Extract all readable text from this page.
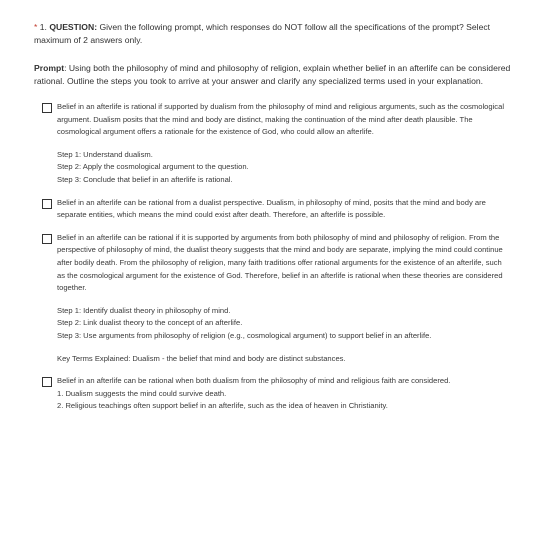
* 1. QUESTION: Given the following prompt, which responses do NOT follow all the specifications of the prompt? Select maximum of 2 answers only.
Prompt: Using both the philosophy of mind and philosophy of religion, explain whether belief in an afterlife can be considered rational. Outline the steps you took to arrive at your answer and clarify any specialized terms used in your explanation.

Belief in an afterlife is rational if supported by dualism from the philosophy of mind and religious arguments, such as the cosmological argument. Dualism posits that the mind and body are distinct, making the continuation of the mind after death plausible. The cosmological argument offers a rationale for the existence of God, who could allow an afterlife.

Step 1: Understand dualism.

Step 2: Apply the cosmological argument to the question.

Step 3: Conclude that belief in an afterlife is rational.

Belief in an afterlife can be rational from a dualist perspective. Dualism, in philosophy of mind, posits that the mind and body are separate entities, which means the mind could exist after death. Therefore, an afterlife is possible.

Belief in an afterlife can be rational if it is supported by arguments from both philosophy of mind and philosophy of religion. From the perspective of philosophy of mind, the dualist theory suggests that the mind and body are separate, implying the mind could continue after bodily death. From the philosophy of religion, many faith traditions offer rational arguments for the existence of an afterlife, such as the cosmological argument for the existence of God. Therefore, belief in an afterlife is rational when these theories are considered together.

Step 1: Identify dualist theory in philosophy of mind.

Step 2: Link dualist theory to the concept of an afterlife.

Step 3: Use arguments from philosophy of religion (e.g., cosmological argument) to support belief in an afterlife.

Key Terms Explained: Dualism - the belief that mind and body are distinct substances.

Belief in an afterlife can be rational when both dualism from the philosophy of mind and religious faith are considered.

1. Dualism suggests the mind could survive death.

2. Religious teachings often support belief in an afterlife, such as the idea of heaven in Christianity.
